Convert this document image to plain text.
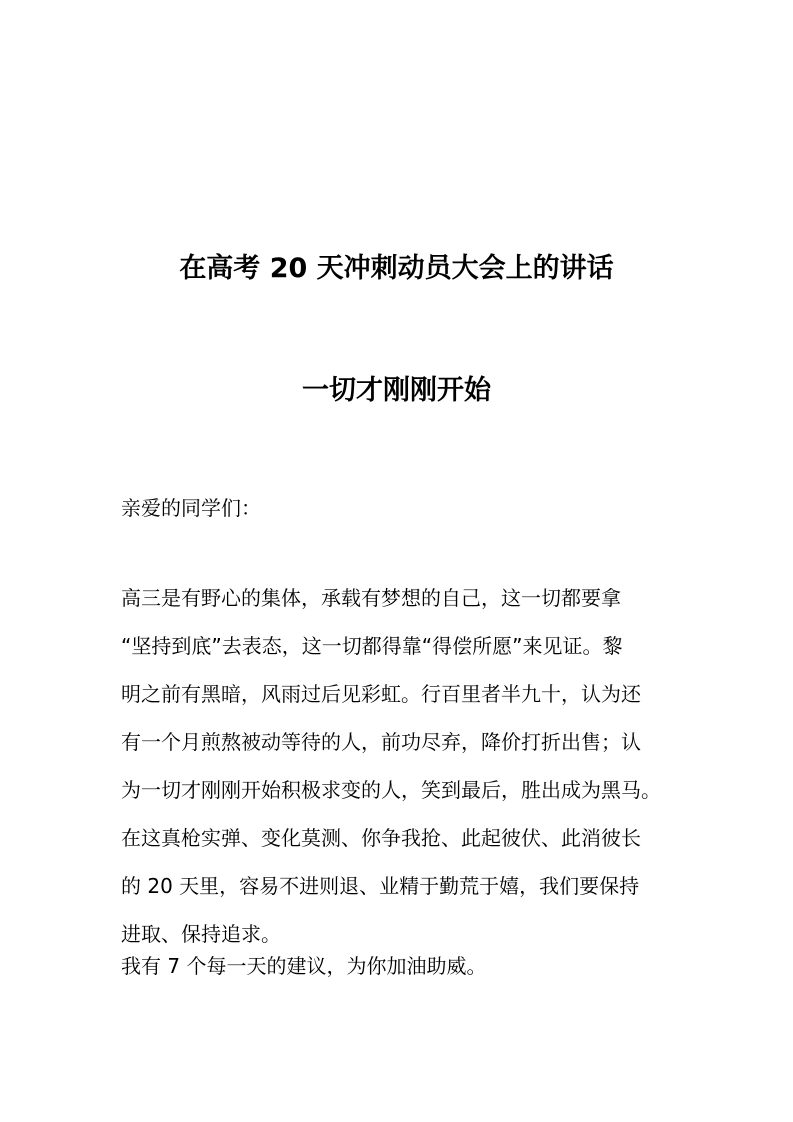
在高考 20 天冲刺动员大会上的讲话
一切才刚刚开始
亲爱的同学们：
高三是有野心的集体，承载有梦想的自己，这一切都要拿
“坚持到底”去表态，这一切都得靠“得偿所愿”来见证。黎
明之前有黑暗，风雨过后见彩虹。行百里者半九十，认为还
有一个月煎熬被动等待的人，前功尽弃，降价打折出售；认
为一切才刚刚开始积极求变的人，笑到最后，胜出成为黑马。
在这真枪实弹、变化莫测、你争我抢、此起彼伏、此消彼长
的 20 天里，容易不进则退、业精于勤荒于嬉，我们要保持
进取、保持追求。
我有 7 个每一天的建议，为你加油助威。
